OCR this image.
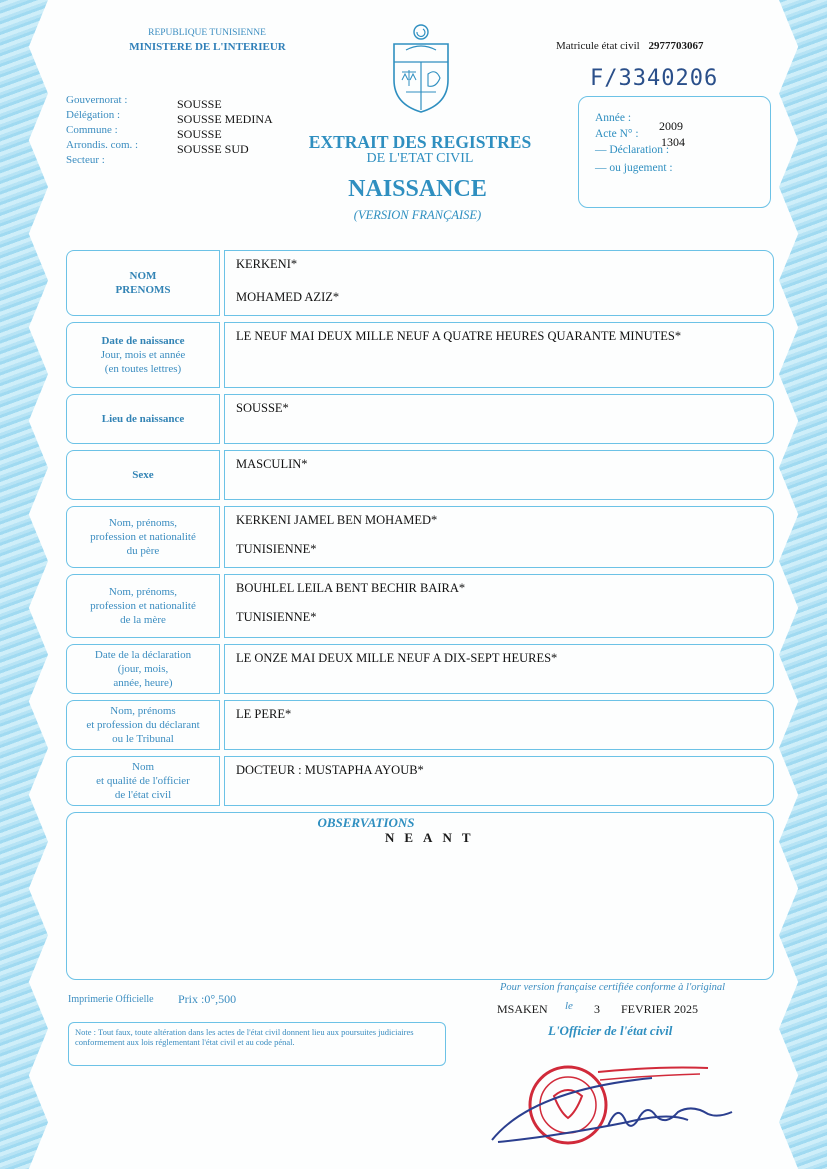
REPUBLIQUE TUNISIENNE
MINISTERE DE L'INTERIEUR	Matricule état civil 2977703067
F/3340206
Année :
Acte N° :
2009
1304
— Déclaration :
— ou jugement :
Gouvernorat :
Délégation :
Commune :
Arrondis. com. :
Secteur :
SOUSSE
SOUSSE MEDINA
SOUSSE
SOUSSE SUD	EXTRAIT DES REGISTRES
DE L'ETAT CIVIL
NAISSANCE
(VERSION FRANÇAISE)
NOM
PRENOMS
KERKENI*
MOHAMED AZIZ*
Date de naissance
Jour, mois et année
(en toutes lettres)
LE NEUF MAI DEUX MILLE NEUF A QUATRE HEURES QUARANTE MINUTES*
Lieu de naissance
SOUSSE*
Sexe
MASCULIN*
Nom, prénoms,
profession et nationalité
du père
KERKENI JAMEL BEN MOHAMED*
TUNISIENNE*
Nom, prénoms,
profession et nationalité
de la mère
BOUHLEL LEILA BENT BECHIR BAIRA*
TUNISIENNE*
Date de la déclaration
(jour, mois,
année, heure)
LE ONZE MAI DEUX MILLE NEUF A DIX-SEPT HEURES*
Nom, prénoms
et profession du déclarant
ou le Tribunal
LE PERE*
Nom
et qualité de l'officier
de l'état civil
DOCTEUR : MUSTAPHA AYOUB*
OBSERVATIONS
NEANT
Imprimerie Officielle Prix :0°,500
Pour version française certifiée conforme à l'original
MSAKEN le 3 FEVRIER 2025
L'Officier de l'état civil
Note : Tout faux, toute altération dans les actes de l'état civil donnent lieu aux poursuites judiciaires conformement aux lois réglementant l'état civil et au code pénal.
